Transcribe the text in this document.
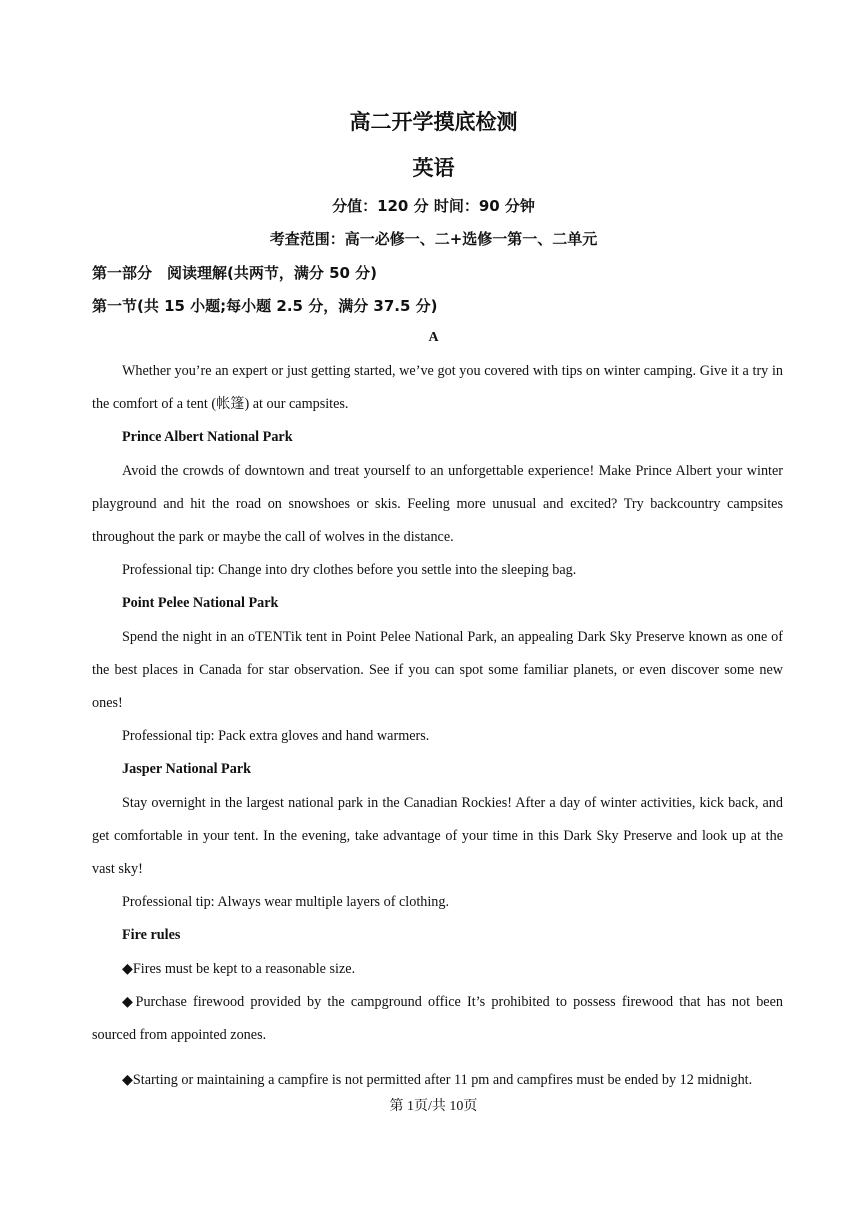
高二开学摸底检测
英语
分值：120 分 时间：90 分钟
考查范围：高一必修一、二+选修一第一、二单元
第一部分　阅读理解(共两节，满分 50 分)
第一节(共 15 小题;每小题 2.5 分，满分 37.5 分)
A

Whether you’re an expert or just getting started, we’ve got you covered with tips on winter camping. Give it a try in the comfort of a tent (帐篷) at our campsites.

Prince Albert National Park

Avoid the crowds of downtown and treat yourself to an unforgettable experience! Make Prince Albert your winter playground and hit the road on snowshoes or skis. Feeling more unusual and excited? Try backcountry campsites throughout the park or maybe the call of wolves in the distance.

Professional tip: Change into dry clothes before you settle into the sleeping bag.

Point Pelee National Park

Spend the night in an oTENTik tent in Point Pelee National Park, an appealing Dark Sky Preserve known as one of the best places in Canada for star observation. See if you can spot some familiar planets, or even discover some new ones!

Professional tip: Pack extra gloves and hand warmers.

Jasper National Park

Stay overnight in the largest national park in the Canadian Rockies! After a day of winter activities, kick back, and get comfortable in your tent. In the evening, take advantage of your time in this Dark Sky Preserve and look up at the vast sky!

Professional tip: Always wear multiple layers of clothing.

Fire rules

◆Fires must be kept to a reasonable size.

◆Purchase firewood provided by the campground office It’s prohibited to possess firewood that has not been sourced from appointed zones.

◆Starting or maintaining a campfire is not permitted after 11 pm and campfires must be ended by 12 midnight.

第 1页/共 10页
